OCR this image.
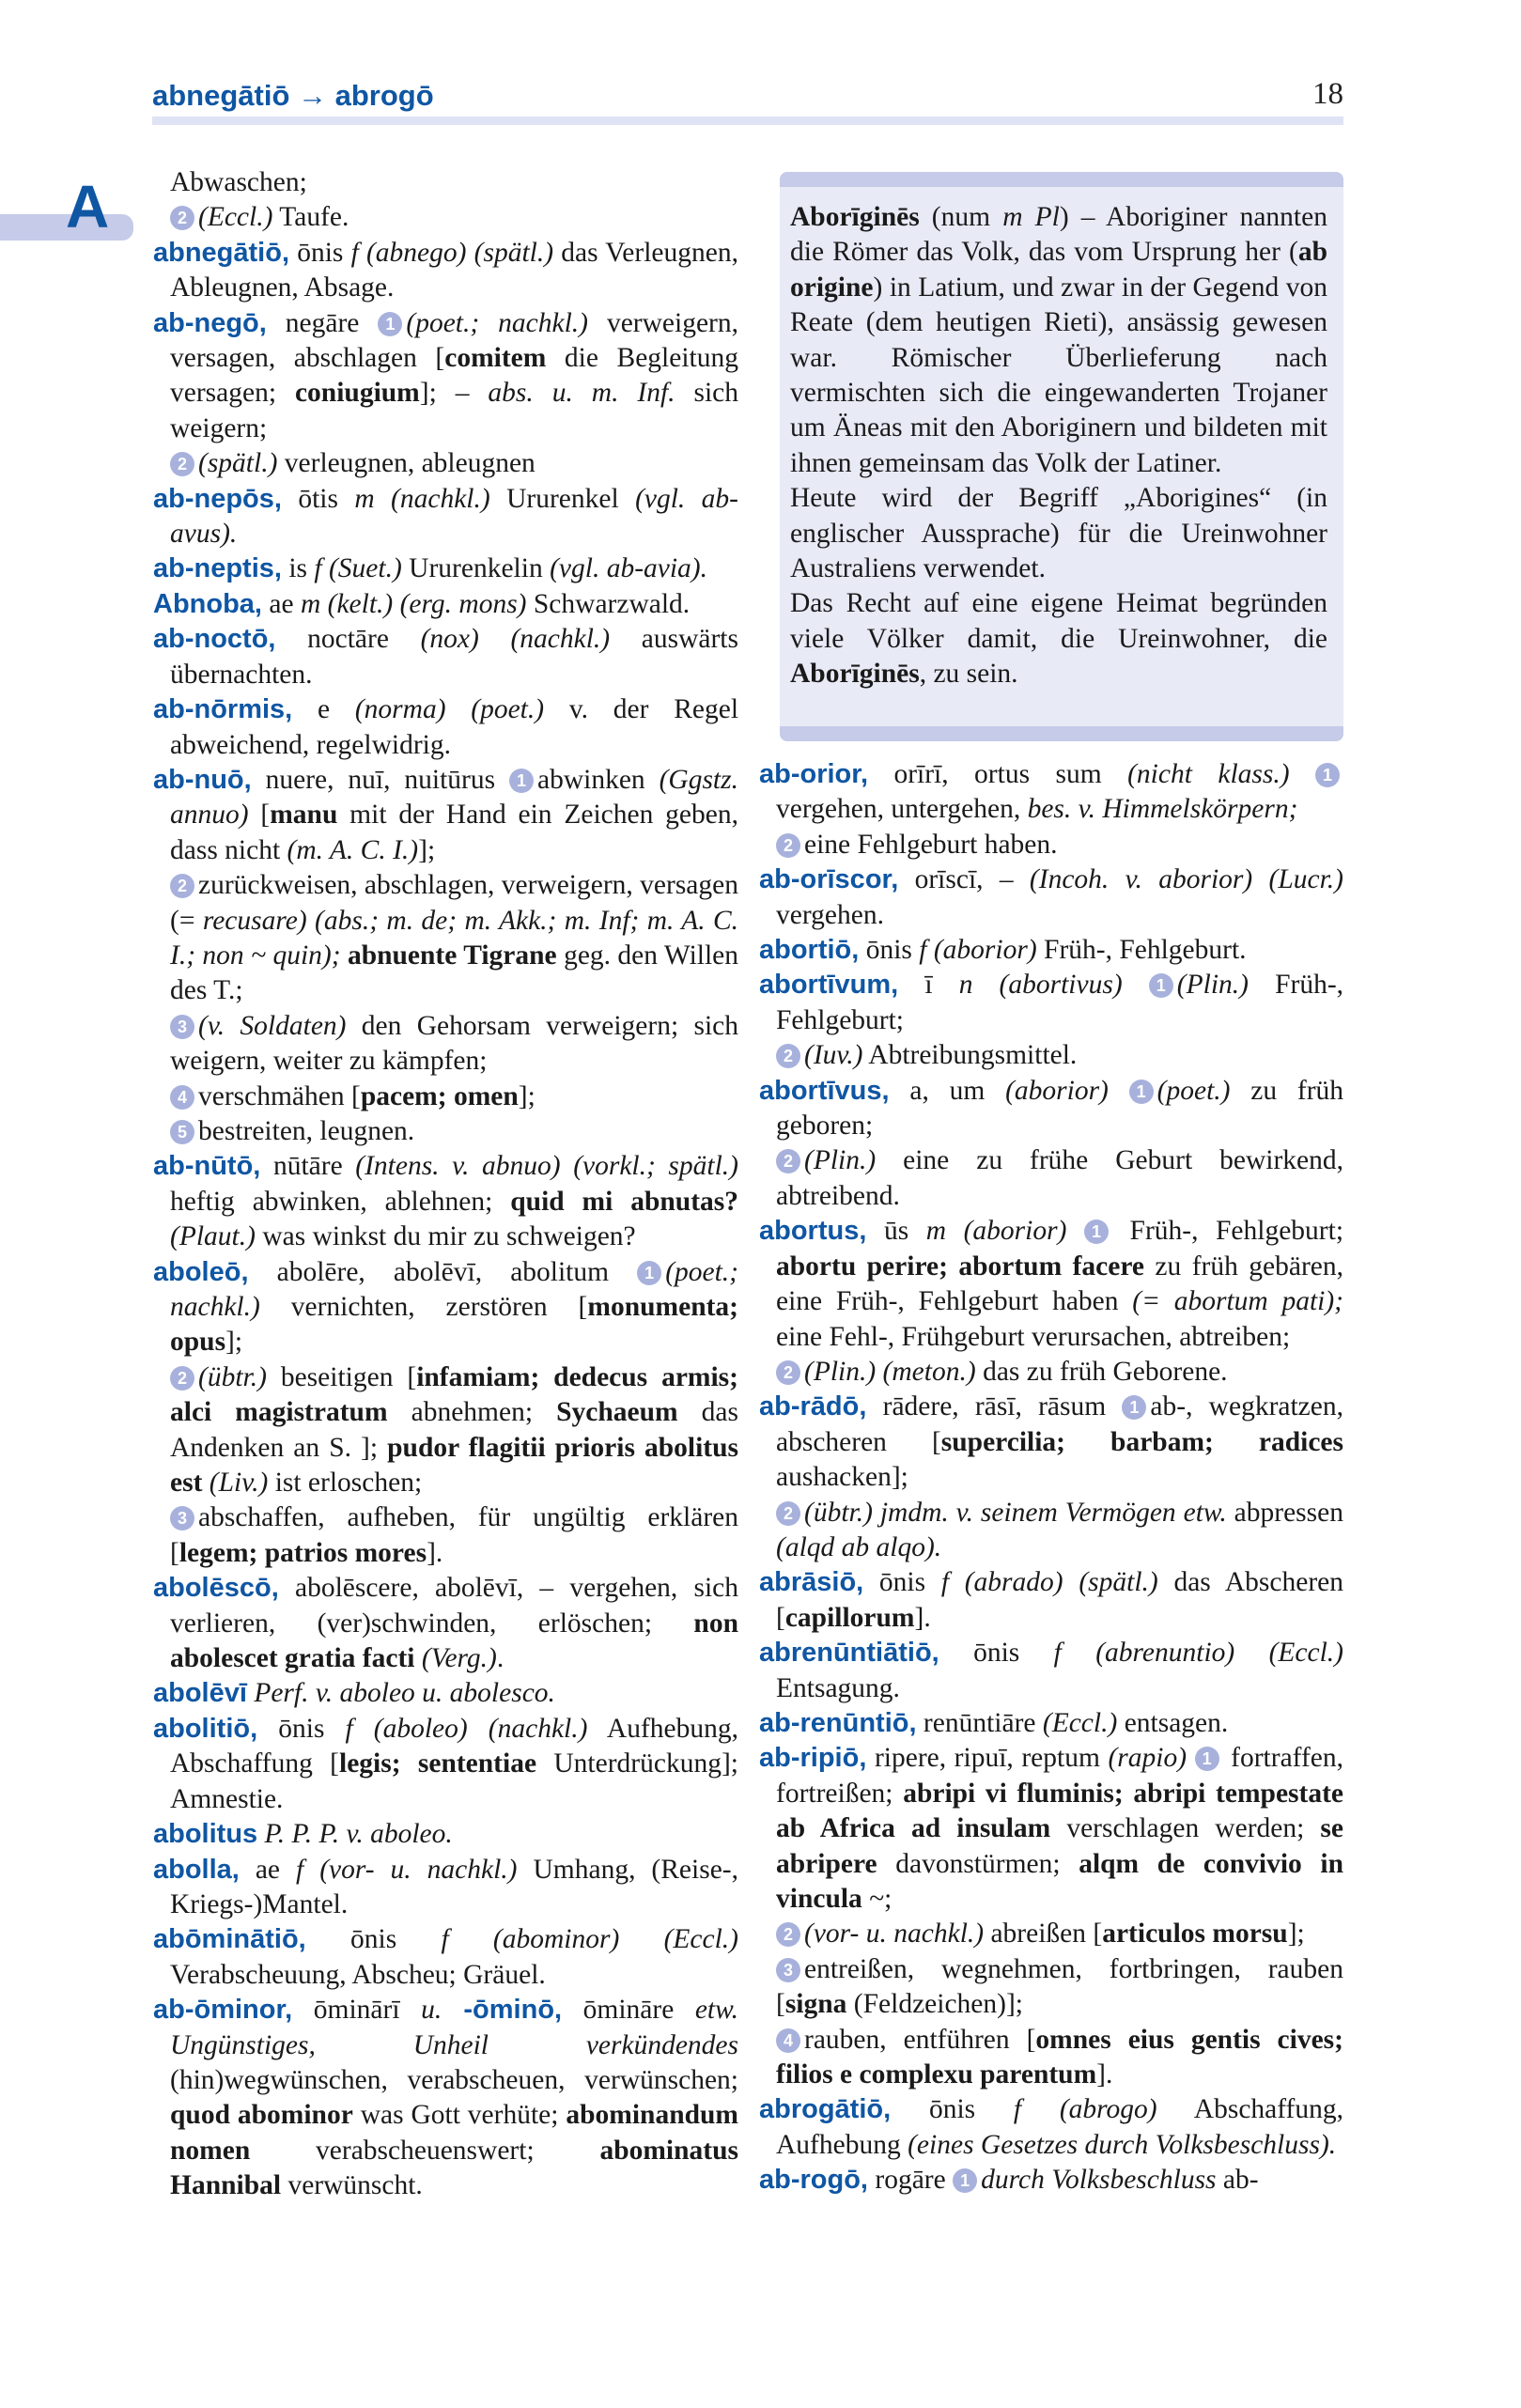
abnegātiō → abrogō	18
A	Abwaschen;
2 (Eccl.) Taufe.

abnegātiō, ōnis f (abnego) (spätl.) das Verleugnen, Ableugnen, Absage.

ab-negō, negāre 1 (poet.; nachkl.) verweigern, versagen, abschlagen [comitem die Begleitung versagen; coniugium]; – abs. u. m. Inf. sich weigern;

2 (spätl.) verleugnen, ableugnen

ab-nepōs, ōtis m (nachkl.) Ururenkel (vgl. ab-avus).

ab-neptis, is f (Suet.) Ururenkelin (vgl. ab-avia).

Abnoba, ae m (kelt.) (erg. mons) Schwarzwald.

ab-noctō, noctāre (nox) (nachkl.) auswärts übernachten.

ab-nōrmis, e (norma) (poet.) v. der Regel abweichend, regelwidrig.

ab-nuō, nuere, nuī, nuitūrus 1 abwinken (Ggstz. annuo) [manu mit der Hand ein Zeichen geben, dass nicht (m. A. C. I.)];

2 zurückweisen, abschlagen, verweigern, versagen (= recusare) (abs.; m. de; m. Akk.; m. Inf; m. A. C. I.; non ~ quin); abnuente Tigrane geg. den Willen des T.;

3 (v. Soldaten) den Gehorsam verweigern; sich weigern, weiter zu kämpfen;

4 verschmähen [pacem; omen];

5 bestreiten, leugnen.

ab-nūtō, nūtāre (Intens. v. abnuo) (vorkl.; spätl.) heftig abwinken, ablehnen; quid mi abnutas? (Plaut.) was winkst du mir zu schweigen?

aboleō, abolēre, abolēvī, abolitum 1 (poet.; nachkl.) vernichten, zerstören [monumenta; opus];

2 (übtr.) beseitigen [infamiam; dedecus armis; alci magistratum abnehmen; Sychaeum das Andenken an S. ]; pudor flagitii prioris abolitus est (Liv.) ist erloschen;

3 abschaffen, aufheben, für ungültig erklären [legem; patrios mores].

abolēscō, abolēscere, abolēvī, – vergehen, sich verlieren, (ver)schwinden, erlöschen; non abolescet gratia facti (Verg.).

abolēvī Perf. v. aboleo u. abolesco.

abolitiō, ōnis f (aboleo) (nachkl.) Aufhebung, Abschaffung [legis; sententiae Unterdrückung]; Amnestie.

abolitus P. P. P. v. aboleo.

abolla, ae f (vor- u. nachkl.) Umhang, (Reise-, Kriegs-)Mantel.

abōminātiō, ōnis f (abominor) (Eccl.) Verabscheuung, Abscheu; Gräuel.

ab-ōminor, ōminārī u. -ōminō, ōmināre etw. Ungünstiges, Unheil verkündendes (hin)wegwünschen, verabscheuen, verwünschen; quod abominor was Gott verhüte; abominandum nomen verabscheuenswert; abominatus Hannibal verwünscht.

Aborīginēs (num m Pl) – Aboriginer nannten die Römer das Volk, das vom Ursprung her (ab origine) in Latium, und zwar in der Gegend von Reate (dem heutigen Rieti), ansässig gewesen war. Römischer Überlieferung nach vermischten sich die eingewanderten Trojaner um Äneas mit den Aboriginern und bildeten mit ihnen gemeinsam das Volk der Latiner.

Heute wird der Begriff „Aborigines“ (in englischer Aussprache) für die Ureinwohner Australiens verwendet.

Das Recht auf eine eigene Heimat begründen viele Völker damit, die Ureinwohner, die Aborīginēs, zu sein.

ab-orior, orīrī, ortus sum (nicht klass.) 1 vergehen, untergehen, bes. v. Himmelskörpern;

2 eine Fehlgeburt haben.

ab-orīscor, orīscī, – (Incoh. v. aborior) (Lucr.) vergehen.

abortiō, ōnis f (aborior) Früh-, Fehlgeburt.

abortīvum, ī n (abortivus) 1 (Plin.) Früh-, Fehlgeburt;

2 (Iuv.) Abtreibungsmittel.

abortīvus, a, um (aborior) 1 (poet.) zu früh geboren;

2 (Plin.) eine zu frühe Geburt bewirkend, abtreibend.

abortus, ūs m (aborior) 1 Früh-, Fehlgeburt; abortu perire; abortum facere zu früh gebären, eine Früh-, Fehlgeburt haben (= abortum pati); eine Fehl-, Frühgeburt verursachen, abtreiben;

2 (Plin.) (meton.) das zu früh Geborene.

ab-rādō, rādere, rāsī, rāsum 1 ab-, wegkratzen, abscheren [supercilia; barbam; radices aushacken];

2 (übtr.) jmdm. v. seinem Vermögen etw. abpressen (alqd ab alqo).

abrāsiō, ōnis f (abrado) (spätl.) das Abscheren [capillorum].

abrenūntiātiō, ōnis f (abrenuntio) (Eccl.) Entsagung.

ab-renūntiō, renūntiāre (Eccl.) entsagen.

ab-ripiō, ripere, ripuī, reptum (rapio) 1 fortraffen, fortreißen; abripi vi fluminis; abripi tempestate ab Africa ad insulam verschlagen werden; se abripere davonstürmen; alqm de convivio in vincula ~;

2 (vor- u. nachkl.) abreißen [articulos morsu];

3 entreißen, wegnehmen, fortbringen, rauben [signa (Feldzeichen)];

4 rauben, entführen [omnes eius gentis cives; filios e complexu parentum].

abrogātiō, ōnis f (abrogo) Abschaffung, Aufhebung (eines Gesetzes durch Volksbeschluss).

ab-rogō, rogāre 1 durch Volksbeschluss ab-
